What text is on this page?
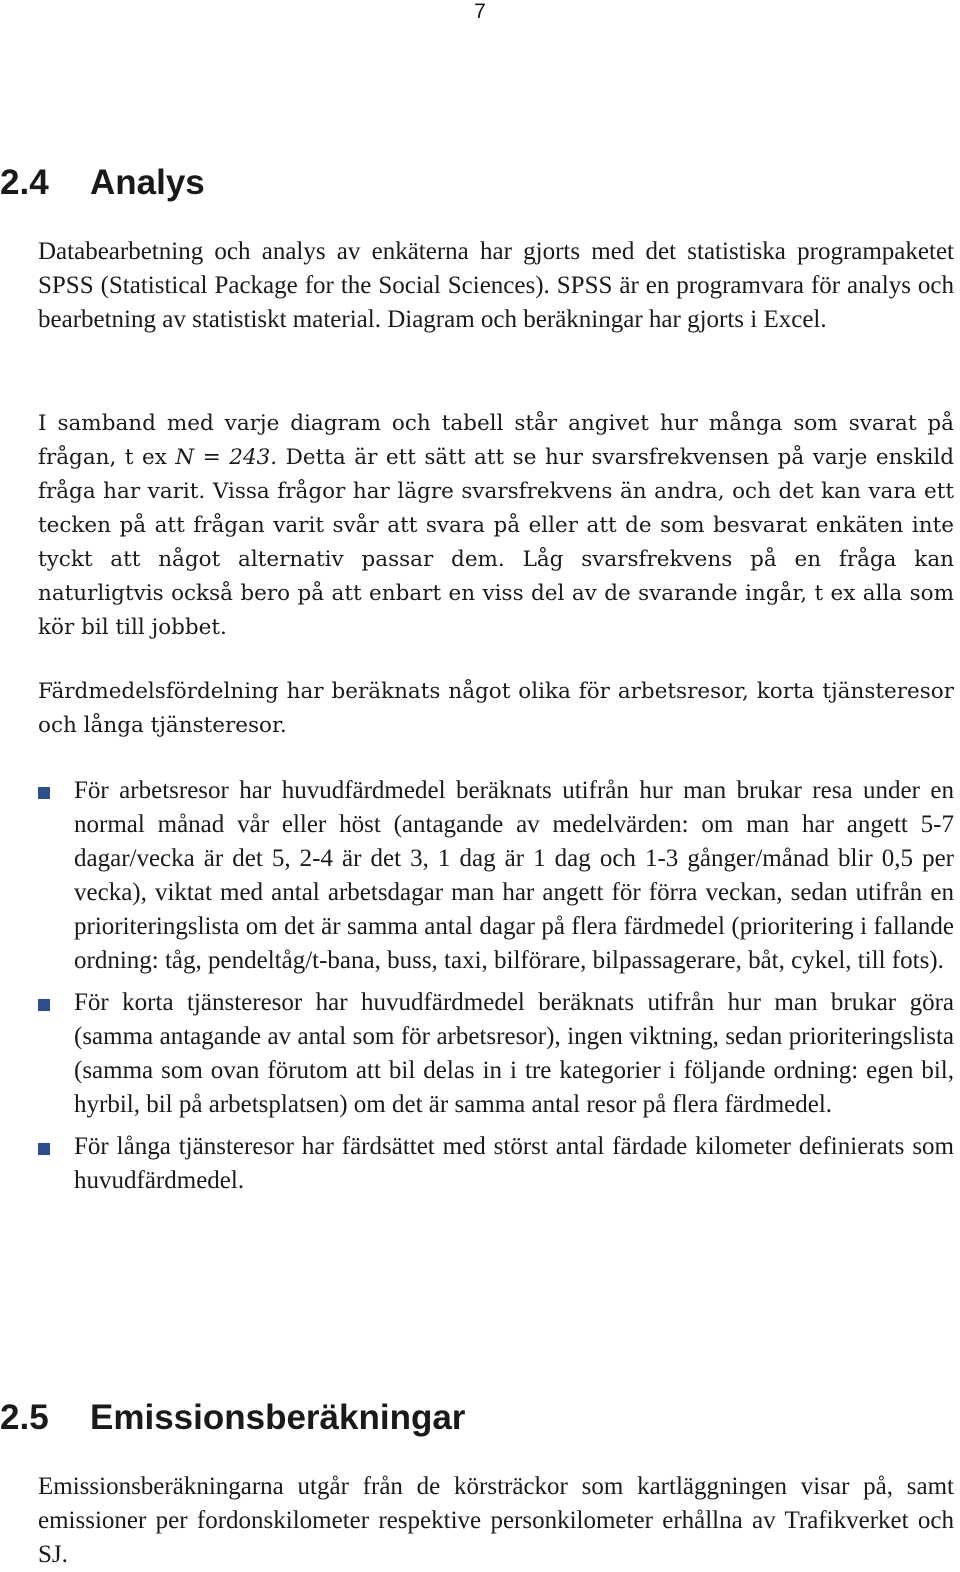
7
2.4 Analys

Databearbetning och analys av enkäterna har gjorts med det statistiska programpaketet SPSS (Statistical Package for the Social Sciences). SPSS är en programvara för analys och bearbetning av statistiskt material. Diagram och beräkningar har gjorts i Excel.

I samband med varje diagram och tabell står angivet hur många som svarat på frågan, t ex N = 243. Detta är ett sätt att se hur svarsfrekvensen på varje enskild fråga har varit. Vissa frågor har lägre svarsfrekvens än andra, och det kan vara ett tecken på att frågan varit svår att svara på eller att de som besvarat enkäten inte tyckt att något alternativ passar dem. Låg svarsfrekvens på en fråga kan naturligtvis också bero på att enbart en viss del av de svarande ingår, t ex alla som kör bil till jobbet.

Färdmedelsfördelning har beräknats något olika för arbetsresor, korta tjänsteresor och långa tjänsteresor.

För arbetsresor har huvudfärdmedel beräknats utifrån hur man brukar resa under en normal månad vår eller höst (antagande av medelvärden: om man har angett 5-7 dagar/vecka är det 5, 2-4 är det 3, 1 dag är 1 dag och 1-3 gånger/månad blir 0,5 per vecka), viktat med antal arbetsdagar man har angett för förra veckan, sedan utifrån en prioriteringslista om det är samma antal dagar på flera färdmedel (prioritering i fallande ordning: tåg, pendeltåg/t-bana, buss, taxi, bilförare, bilpassagerare, båt, cykel, till fots).
För korta tjänsteresor har huvudfärdmedel beräknats utifrån hur man brukar göra (samma antagande av antal som för arbetsresor), ingen viktning, sedan prioriteringslista (samma som ovan förutom att bil delas in i tre kategorier i följande ordning: egen bil, hyrbil, bil på arbetsplatsen) om det är samma antal resor på flera färdmedel.
För långa tjänsteresor har färdsättet med störst antal färdade kilometer definierats som huvudfärdmedel.
2.5 Emissionsberäkningar

Emissionsberäkningarna utgår från de körsträckor som kartläggningen visar på, samt emissioner per fordonskilometer respektive personkilometer erhållna av Trafikverket och SJ.
